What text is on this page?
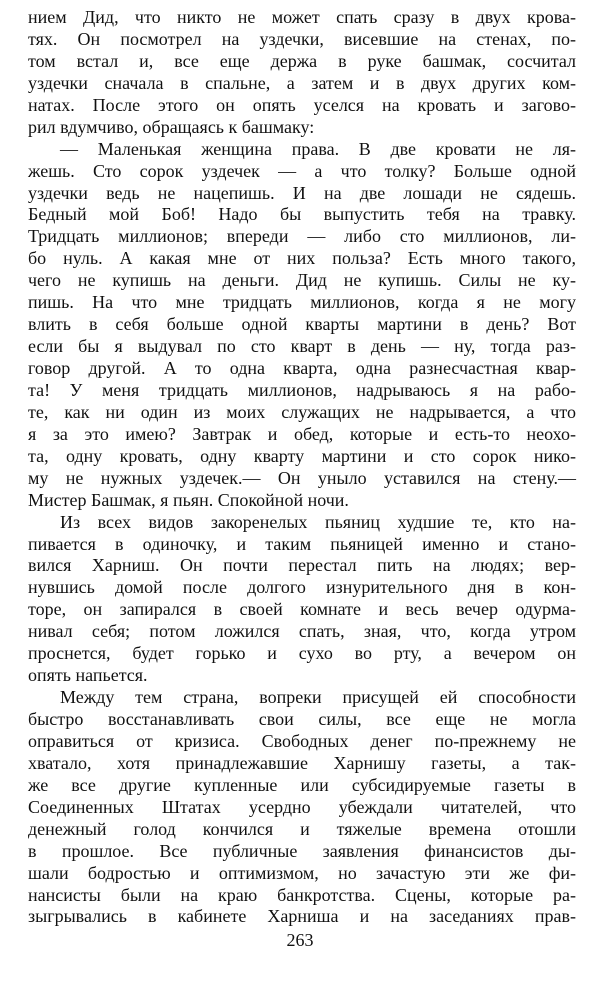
нием Дид, что никто не может спать сразу в двух крова-
тях. Он посмотрел на уздечки, висевшие на стенах, по-
том встал и, все еще держа в руке башмак, сосчитал
уздечки сначала в спальне, а затем и в двух других ком-
натах. После этого он опять уселся на кровать и загово-
рил вдумчиво, обращаясь к башмаку:
— Маленькая женщина права. В две кровати не ля-
жешь. Сто сорок уздечек — а что толку? Больше одной
уздечки ведь не нацепишь. И на две лошади не сядешь.
Бедный мой Боб! Надо бы выпустить тебя на травку.
Тридцать миллионов; впереди — либо сто миллионов, ли-
бо нуль. А какая мне от них польза? Есть много такого,
чего не купишь на деньги. Дид не купишь. Силы не ку-
пишь. На что мне тридцать миллионов, когда я не могу
влить в себя больше одной кварты мартини в день? Вот
если бы я выдувал по сто кварт в день — ну, тогда раз-
говор другой. А то одна кварта, одна разнесчастная квар-
та! У меня тридцать миллионов, надрываюсь я на рабо-
те, как ни один из моих служащих не надрывается, а что
я за это имею? Завтрак и обед, которые и есть-то неохо-
та, одну кровать, одну кварту мартини и сто сорок нико-
му не нужных уздечек.— Он уныло уставился на стену.—
Мистер Башмак, я пьян. Спокойной ночи.
Из всех видов закоренелых пьяниц худшие те, кто на-
пивается в одиночку, и таким пьяницей именно и стано-
вился Харниш. Он почти перестал пить на людях; вер-
нувшись домой после долгого изнурительного дня в кон-
торе, он запирался в своей комнате и весь вечер одурма-
нивал себя; потом ложился спать, зная, что, когда утром
проснется, будет горько и сухо во рту, а вечером он
опять напьется.
Между тем страна, вопреки присущей ей способности
быстро восстанавливать свои силы, все еще не могла
оправиться от кризиса. Свободных денег по-прежнему не
хватало, хотя принадлежавшие Харнишу газеты, а так-
же все другие купленные или субсидируемые газеты в
Соединенных Штатах усердно убеждали читателей, что
денежный голод кончился и тяжелые времена отошли
в прошлое. Все публичные заявления финансистов ды-
шали бодростью и оптимизмом, но зачастую эти же фи-
нансисты были на краю банкротства. Сцены, которые ра-
зыгрывались в кабинете Харниша и на заседаниях прав-
263
